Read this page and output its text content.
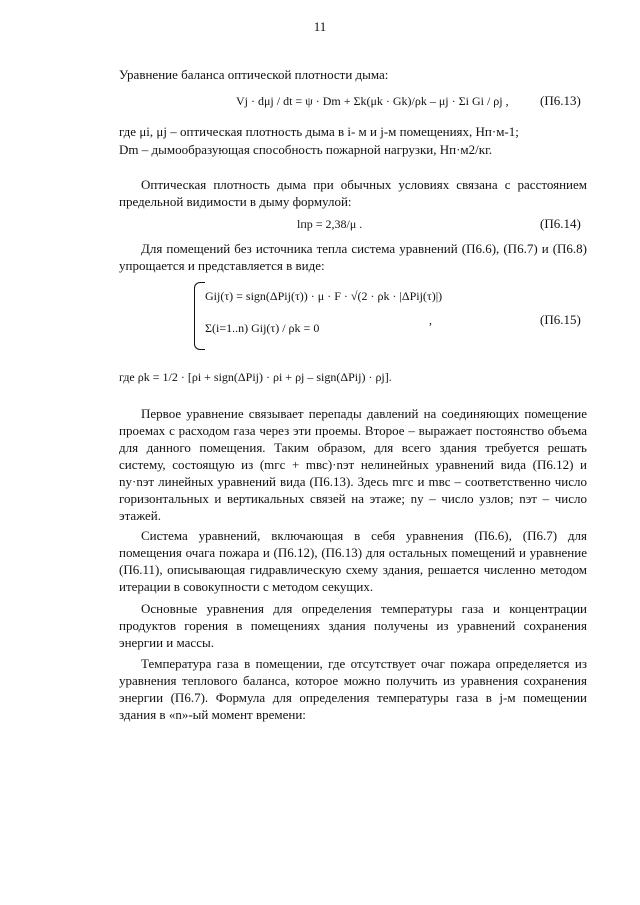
11
Уравнение баланса оптической плотности дыма:
Vj · dμj / dt = ψ · Dm + Σk(μk · Gk)/ρk – μj · Σi Gi / ρj , (П6.13)
где μi, μj – оптическая плотность дыма в i- м и j-м помещениях, Нп·м-1;
Dm – дымообразующая способность пожарной нагрузки, Нп·м2/кг.
Оптическая плотность дыма при обычных условиях связана с расстоянием предельной видимости в дыму формулой:
lпр = 2,38/μ .	(П6.14)
Для помещений без источника тепла система уравнений (П6.6), (П6.7) и (П6.8) упрощается и представляется в виде:
Gij(τ) = sign(ΔPij(τ)) · μ · F · √(2 · ρk · |ΔPij(τ)|)
Σ(i=1..n) Gij(τ) / ρk = 0
,	(П6.15)
где ρk = 1/2 · [ρi + sign(ΔPij) · ρi + ρj – sign(ΔPij) · ρj].
Первое уравнение связывает перепады давлений на соединяющих помещение проемах с расходом газа через эти проемы. Второе – выражает постоянство объема для данного помещения. Таким образом, для всего здания требуется решать систему, состоящую из (mгс + mвс)·nэт нелинейных уравнений вида (П6.12) и nу·nэт линейных уравнений вида (П6.13). Здесь mгс и mвс – соответственно число горизонтальных и вертикальных связей на этаже; nу – число узлов; nэт – число этажей.
Система уравнений, включающая в себя уравнения (П6.6), (П6.7) для помещения очага пожара и (П6.12), (П6.13) для остальных помещений и уравнение (П6.11), описывающая гидравлическую схему здания, решается численно методом итерации в совокупности с методом секущих.
Основные уравнения для определения температуры газа и концентрации продуктов горения в помещениях здания получены из уравнений сохранения энергии и массы.
Температура газа в помещении, где отсутствует очаг пожара определяется из уравнения теплового баланса, которое можно получить из уравнения сохранения энергии (П6.7). Формула для определения температуры газа в j-м помещении здания в «n»-ый момент времени:
